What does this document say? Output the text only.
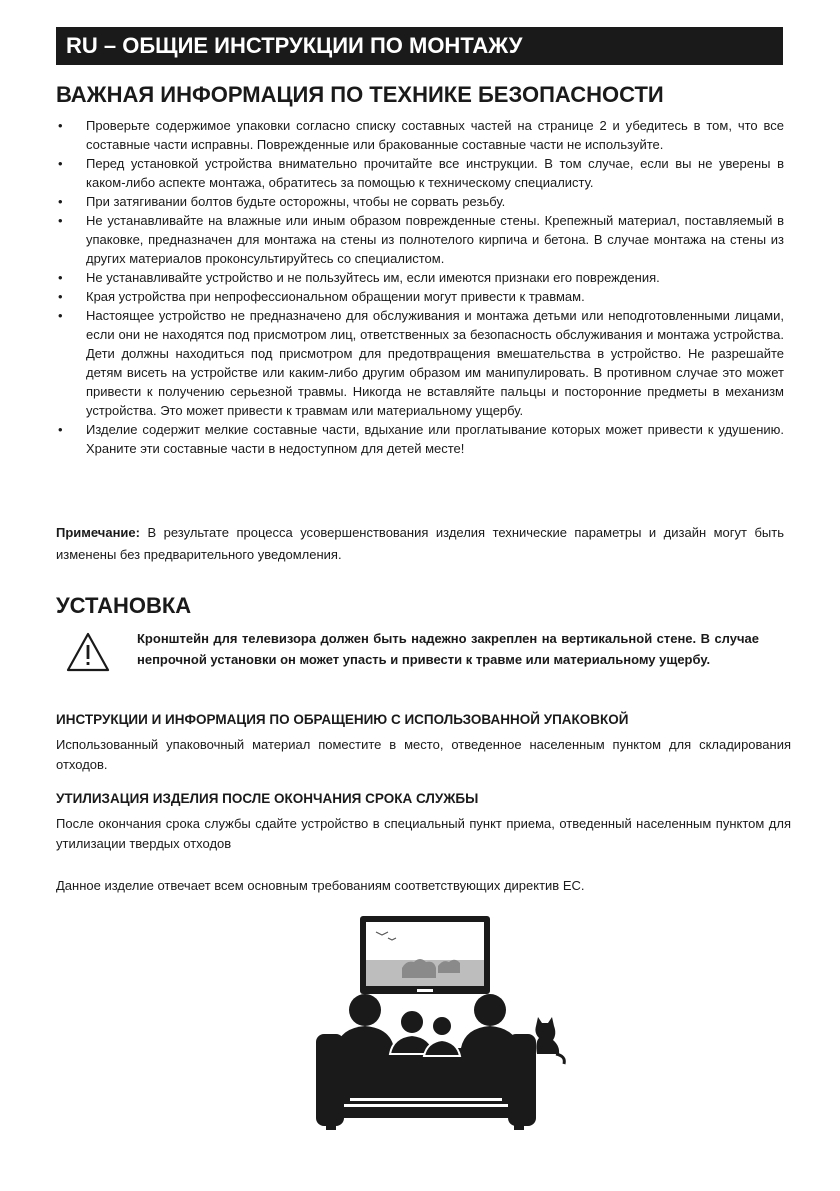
RU – ОБЩИЕ ИНСТРУКЦИИ ПО МОНТАЖУ
ВАЖНАЯ ИНФОРМАЦИЯ ПО ТЕХНИКЕ БЕЗОПАСНОСТИ
• Проверьте содержимое упаковки согласно списку составных частей на странице 2 и убедитесь в том, что все составные части исправны. Поврежденные или бракованные составные части не используйте.
• Перед установкой устройства внимательно прочитайте все инструкции. В том случае, если вы не уверены в каком-либо аспекте монтажа, обратитесь за помощью к техническому специалисту.
• При затягивании болтов будьте осторожны, чтобы не сорвать резьбу.
• Не устанавливайте на влажные или иным образом поврежденные стены. Крепежный материал, поставляемый в упаковке, предназначен для монтажа на стены из полнотелого кирпича и бетона. В случае монтажа на стены из других материалов проконсультируйтесь со специалистом.
• Не устанавливайте устройство и не пользуйтесь им, если имеются признаки его повреждения.
• Края устройства при непрофессиональном обращении могут привести к травмам.
• Настоящее устройство не предназначено для обслуживания и монтажа детьми или неподготовленными лицами, если они не находятся под присмотром лиц, ответственных за безопасность обслуживания и монтажа устройства. Дети должны находиться под присмотром для предотвращения вмешательства в устройство. Не разрешайте детям висеть на устройстве или каким-либо другим образом им манипулировать. В противном случае это может привести к получению серьезной травмы. Никогда не вставляйте пальцы и посторонние предметы в механизм устройства. Это может привести к травмам или материальному ущербу.
• Изделие содержит мелкие составные части, вдыхание или проглатывание которых может привести к удушению. Храните эти составные части в недоступном для детей месте!
Примечание: В результате процесса усовершенствования изделия технические параметры и дизайн могут быть изменены без предварительного уведомления.
УСТАНОВКА
Кронштейн для телевизора должен быть надежно закреплен на вертикальной стене. В случае непрочной установки он может упасть и привести к травме или материальному ущербу.
ИНСТРУКЦИИ И ИНФОРМАЦИЯ ПО ОБРАЩЕНИЮ С ИСПОЛЬЗОВАННОЙ УПАКОВКОЙ
Использованный упаковочный материал поместите в место, отведенное населенным пунктом для складирования отходов.
УТИЛИЗАЦИЯ ИЗДЕЛИЯ ПОСЛЕ ОКОНЧАНИЯ СРОКА СЛУЖБЫ
После окончания срока службы сдайте устройство в специальный пункт приема, отведенный населенным пунктом для утилизации твердых отходов
Данное изделие отвечает всем основным требованиям соответствующих директив ЕС.
